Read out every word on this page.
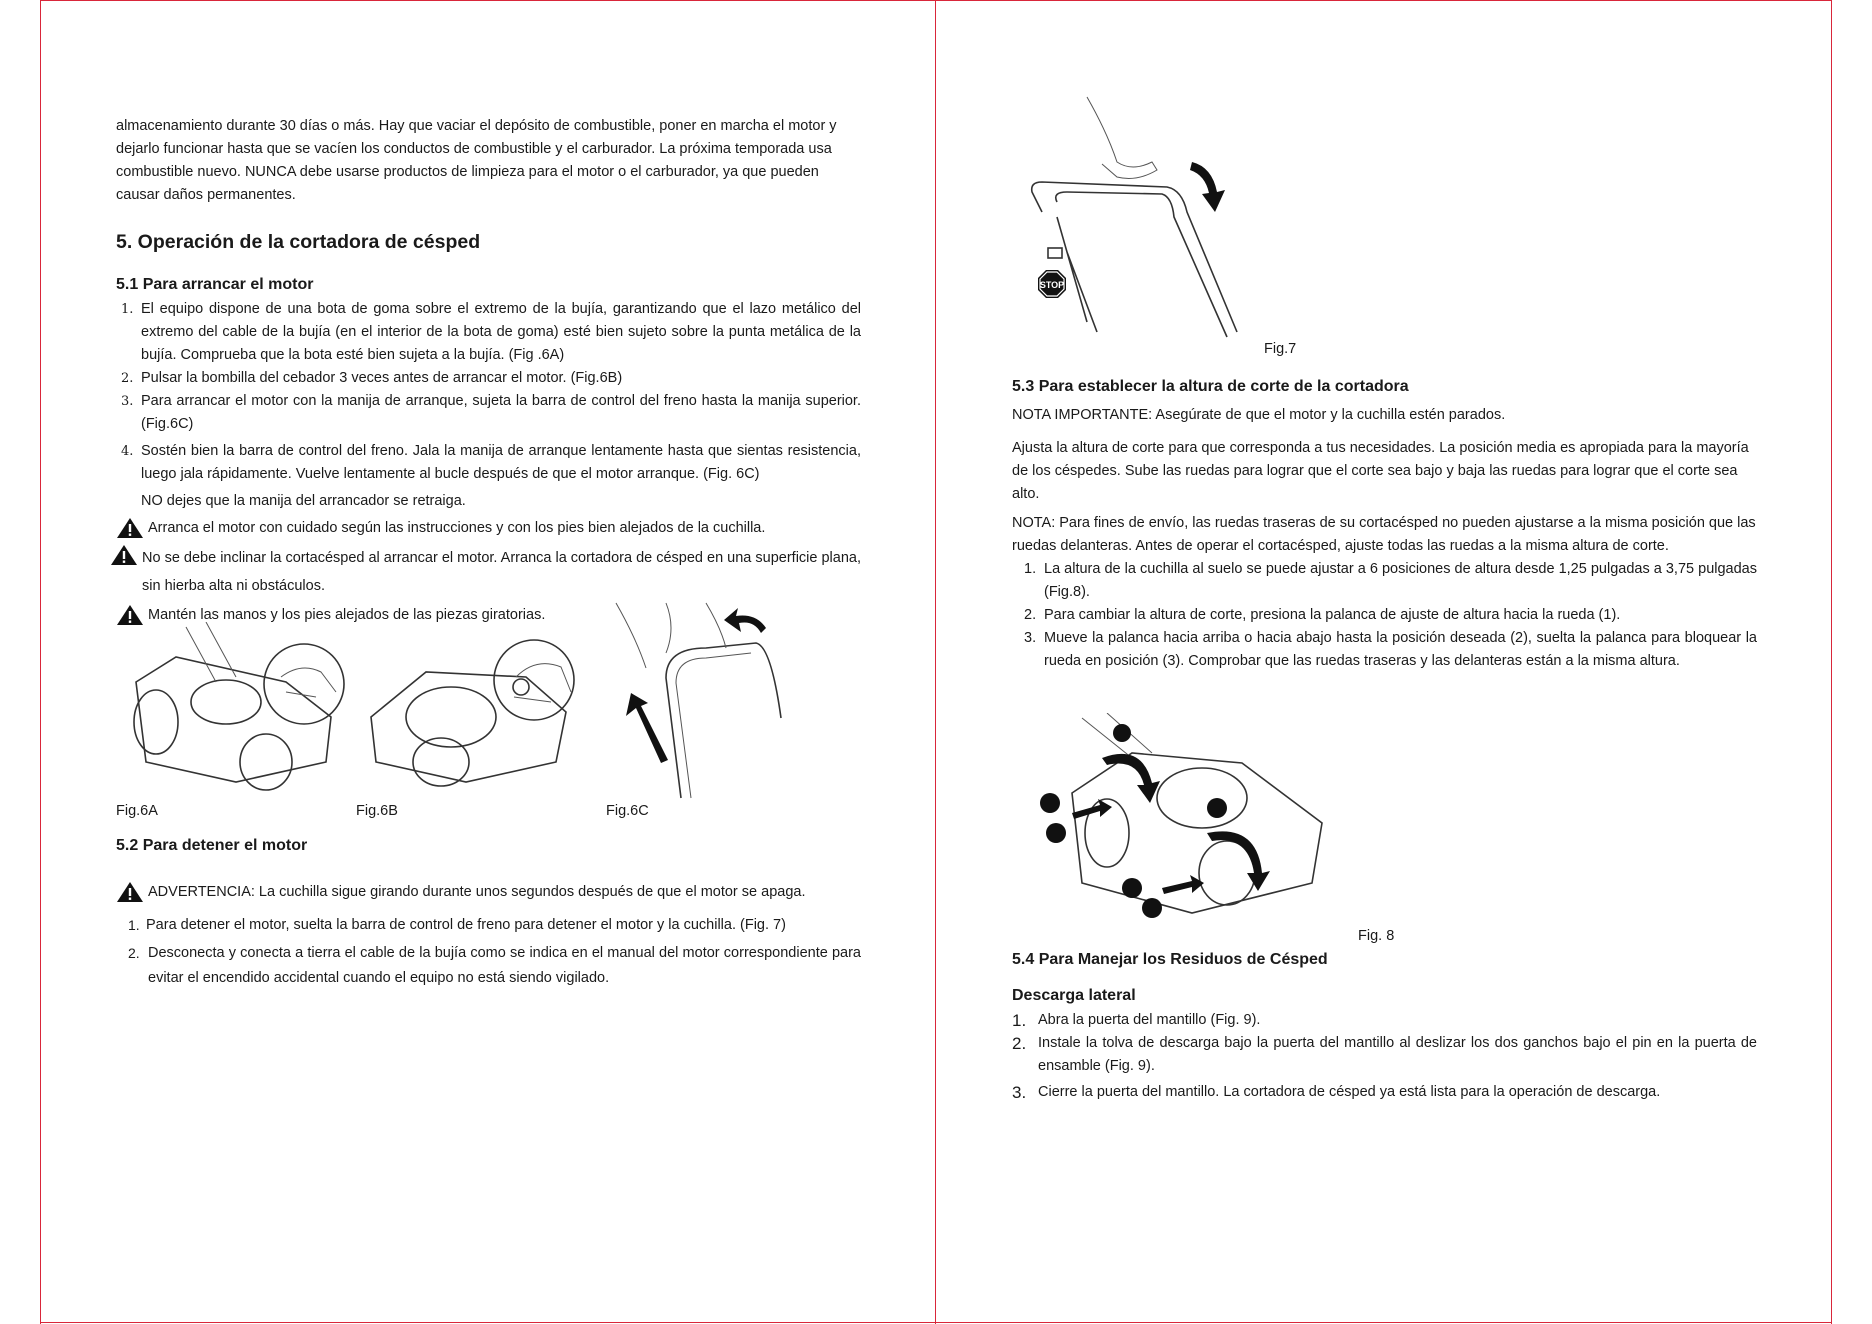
almacenamiento durante 30 días o más. Hay que vaciar el depósito de combustible, poner en marcha el motor y dejarlo funcionar hasta que se vacíen los conductos de combustible y el carburador. La próxima temporada usa combustible nuevo. NUNCA debe usarse productos de limpieza para el motor o el carburador, ya que pueden causar daños permanentes.

5. Operación de la cortadora de césped
5.1 Para arrancar el motor
1. El equipo dispone de una bota de goma sobre el extremo de la bujía, garantizando que el lazo metálico del extremo del cable de la bujía (en el interior de la bota de goma) esté bien sujeto sobre la punta metálica de la bujía. Comprueba que la bota esté bien sujeta a la bujía. (Fig .6A)
2. Pulsar la bombilla del cebador 3 veces antes de arrancar el motor. (Fig.6B)
3. Para arrancar el motor con la manija de arranque, sujeta la barra de control del freno hasta la manija superior. (Fig.6C)
4. Sostén bien la barra de control del freno. Jala la manija de arranque lentamente hasta que sientas resistencia, luego jala rápidamente. Vuelve lentamente al bucle después de que el motor arranque. (Fig. 6C)

NO dejes que la manija del arrancador se retraiga.

Arranca el motor con cuidado según las instrucciones y con los pies bien alejados de la cuchilla.
No se debe inclinar la cortacésped al arrancar el motor. Arranca la cortadora de césped en una superficie plana, sin hierba alta ni obstáculos.
Mantén las manos y los pies alejados de las piezas giratorias.
Fig.6A	Fig.6B	Fig.6C
5.2 Para detener el motor
ADVERTENCIA: La cuchilla sigue girando durante unos segundos después de que el motor se apaga.
1. Para detener el motor, suelta la barra de control de freno para detener el motor y la cuchilla. (Fig. 7)
2. Desconecta y conecta a tierra el cable de la bujía como se indica en el manual del motor correspondiente para evitar el encendido accidental cuando el equipo no está siendo vigilado.
STOP
Fig.7
5.3 Para establecer la altura de corte de la cortadora

NOTA IMPORTANTE: Asegúrate de que el motor y la cuchilla estén parados.

Ajusta la altura de corte para que corresponda a tus necesidades. La posición media es apropiada para la mayoría de los céspedes. Sube las ruedas para lograr que el corte sea bajo y baja las ruedas para lograr que el corte sea alto.

NOTA: Para fines de envío, las ruedas traseras de su cortacésped no pueden ajustarse a la misma posición que las ruedas delanteras. Antes de operar el cortacésped, ajuste todas las ruedas a la misma altura de corte.

1. La altura de la cuchilla al suelo se puede ajustar a 6 posiciones de altura desde 1,25 pulgadas a 3,75 pulgadas (Fig.8).
2. Para cambiar la altura de corte, presiona la palanca de ajuste de altura hacia la rueda (1).
3. Mueve la palanca hacia arriba o hacia abajo hasta la posición deseada (2), suelta la palanca para bloquear la rueda en posición (3). Comprobar que las ruedas traseras y las delanteras están a la misma altura.
Fig. 8
5.4 Para Manejar los Residuos de Césped
Descarga lateral
1. Abra la puerta del mantillo (Fig. 9).
2. Instale la tolva de descarga bajo la puerta del mantillo al deslizar los dos ganchos bajo el pin en la puerta de ensamble (Fig. 9).
3. Cierre la puerta del mantillo. La cortadora de césped ya está lista para la operación de descarga.
